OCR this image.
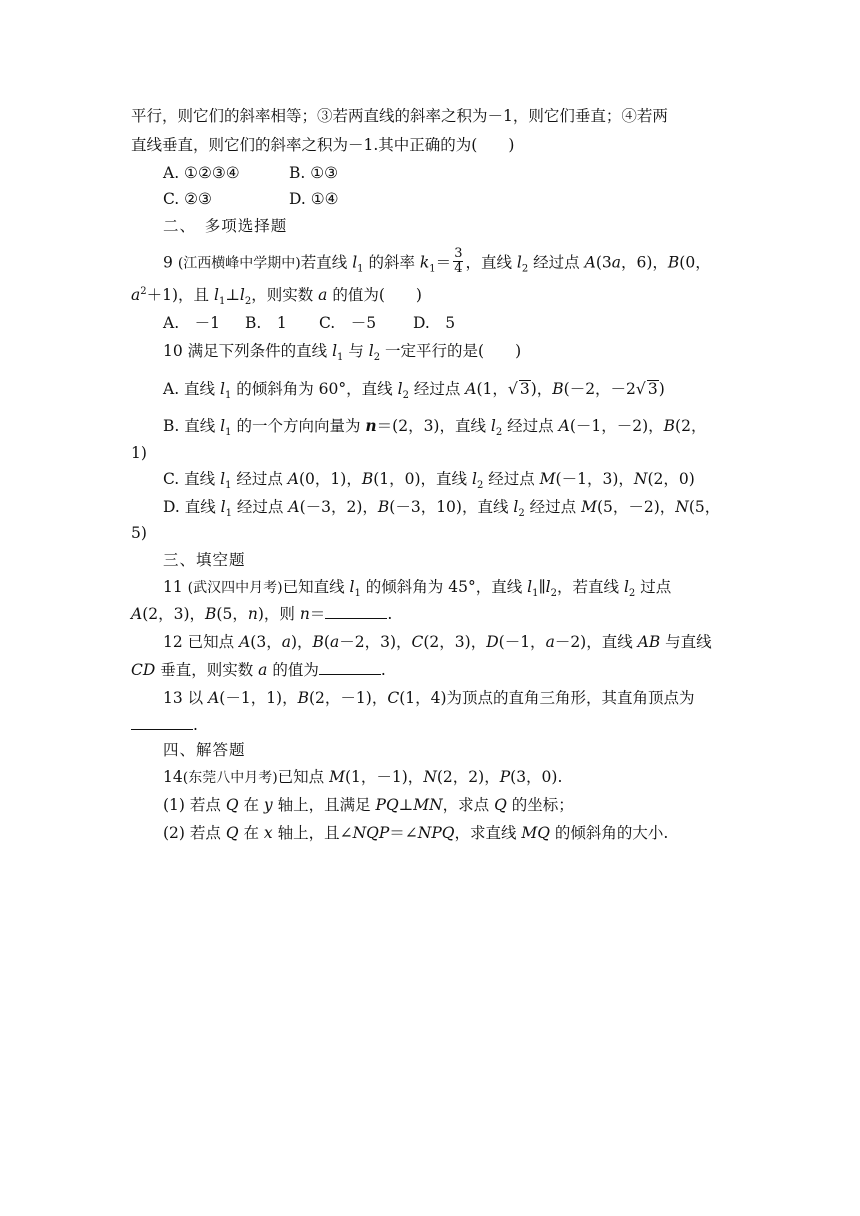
平行，则它们的斜率相等；③若两直线的斜率之积为－1，则它们垂直；④若两
直线垂直，则它们的斜率之积为－1.其中正确的为(　　)
A. ①②③④	B. ①③
C. ②③	D. ①④
二、　多项选择题
9 (江西横峰中学期中)若直线 $l_1$ 的斜率 $k_1= \frac{3}{4}$ ，直线 $l_2$ 经过点 A(3a，6)，B(0，
$a^2+1$)，且 $l_1\perp l_2$，则实数 a 的值为(　　)
A.　－1 B.　1 C.　－5 D.　5
10 满足下列条件的直线 $l_1$ 与 $l_2$ 一定平行的是(　　)
A. 直线 $l_1$ 的倾斜角为 60°，直线 $l_2$ 经过点 A(1，√ 3)，B(－2，－2√ 3)
B. 直线 $l_1$ 的一个方向向量为 n＝(2，3)，直线 $l_2$ 经过点 A(－1，－2)，B(2，
1)
C. 直线 $l_1$ 经过点 A(0，1)，B(1，0)，直线 $l_2$ 经过点 M(－1，3)，N(2，0)
D. 直线 $l_1$ 经过点 A(－3，2)，B(－3，10)，直线 $l_2$ 经过点 M(5，－2)，N(5，
5)
三、填空题
11 (武汉四中月考)已知直线 $l_1$ 的倾斜角为 45°，直线 $l_1\parallel l_2$，若直线 $l_2$ 过点
A(2，3)，B(5，n)，则 n＝	.
12 已知点 A(3，a)，B(a－2，3)，C(2，3)，D(－1，a－2)，直线 AB 与直线
CD 垂直，则实数 a 的值为	.
13 以 A(－1，1)，B(2，－1)，C(1，4)为顶点的直角三角形，其直角顶点为
.
四、解答题
14(东莞八中月考)已知点 M(1，－1)，N(2，2)，P(3，0).
(1) 若点 Q 在 y 轴上，且满足 PQ⊥MN，求点 Q 的坐标；
(2) 若点 Q 在 x 轴上，且∠NQP＝∠NPQ，求直线 MQ 的倾斜角的大小.
